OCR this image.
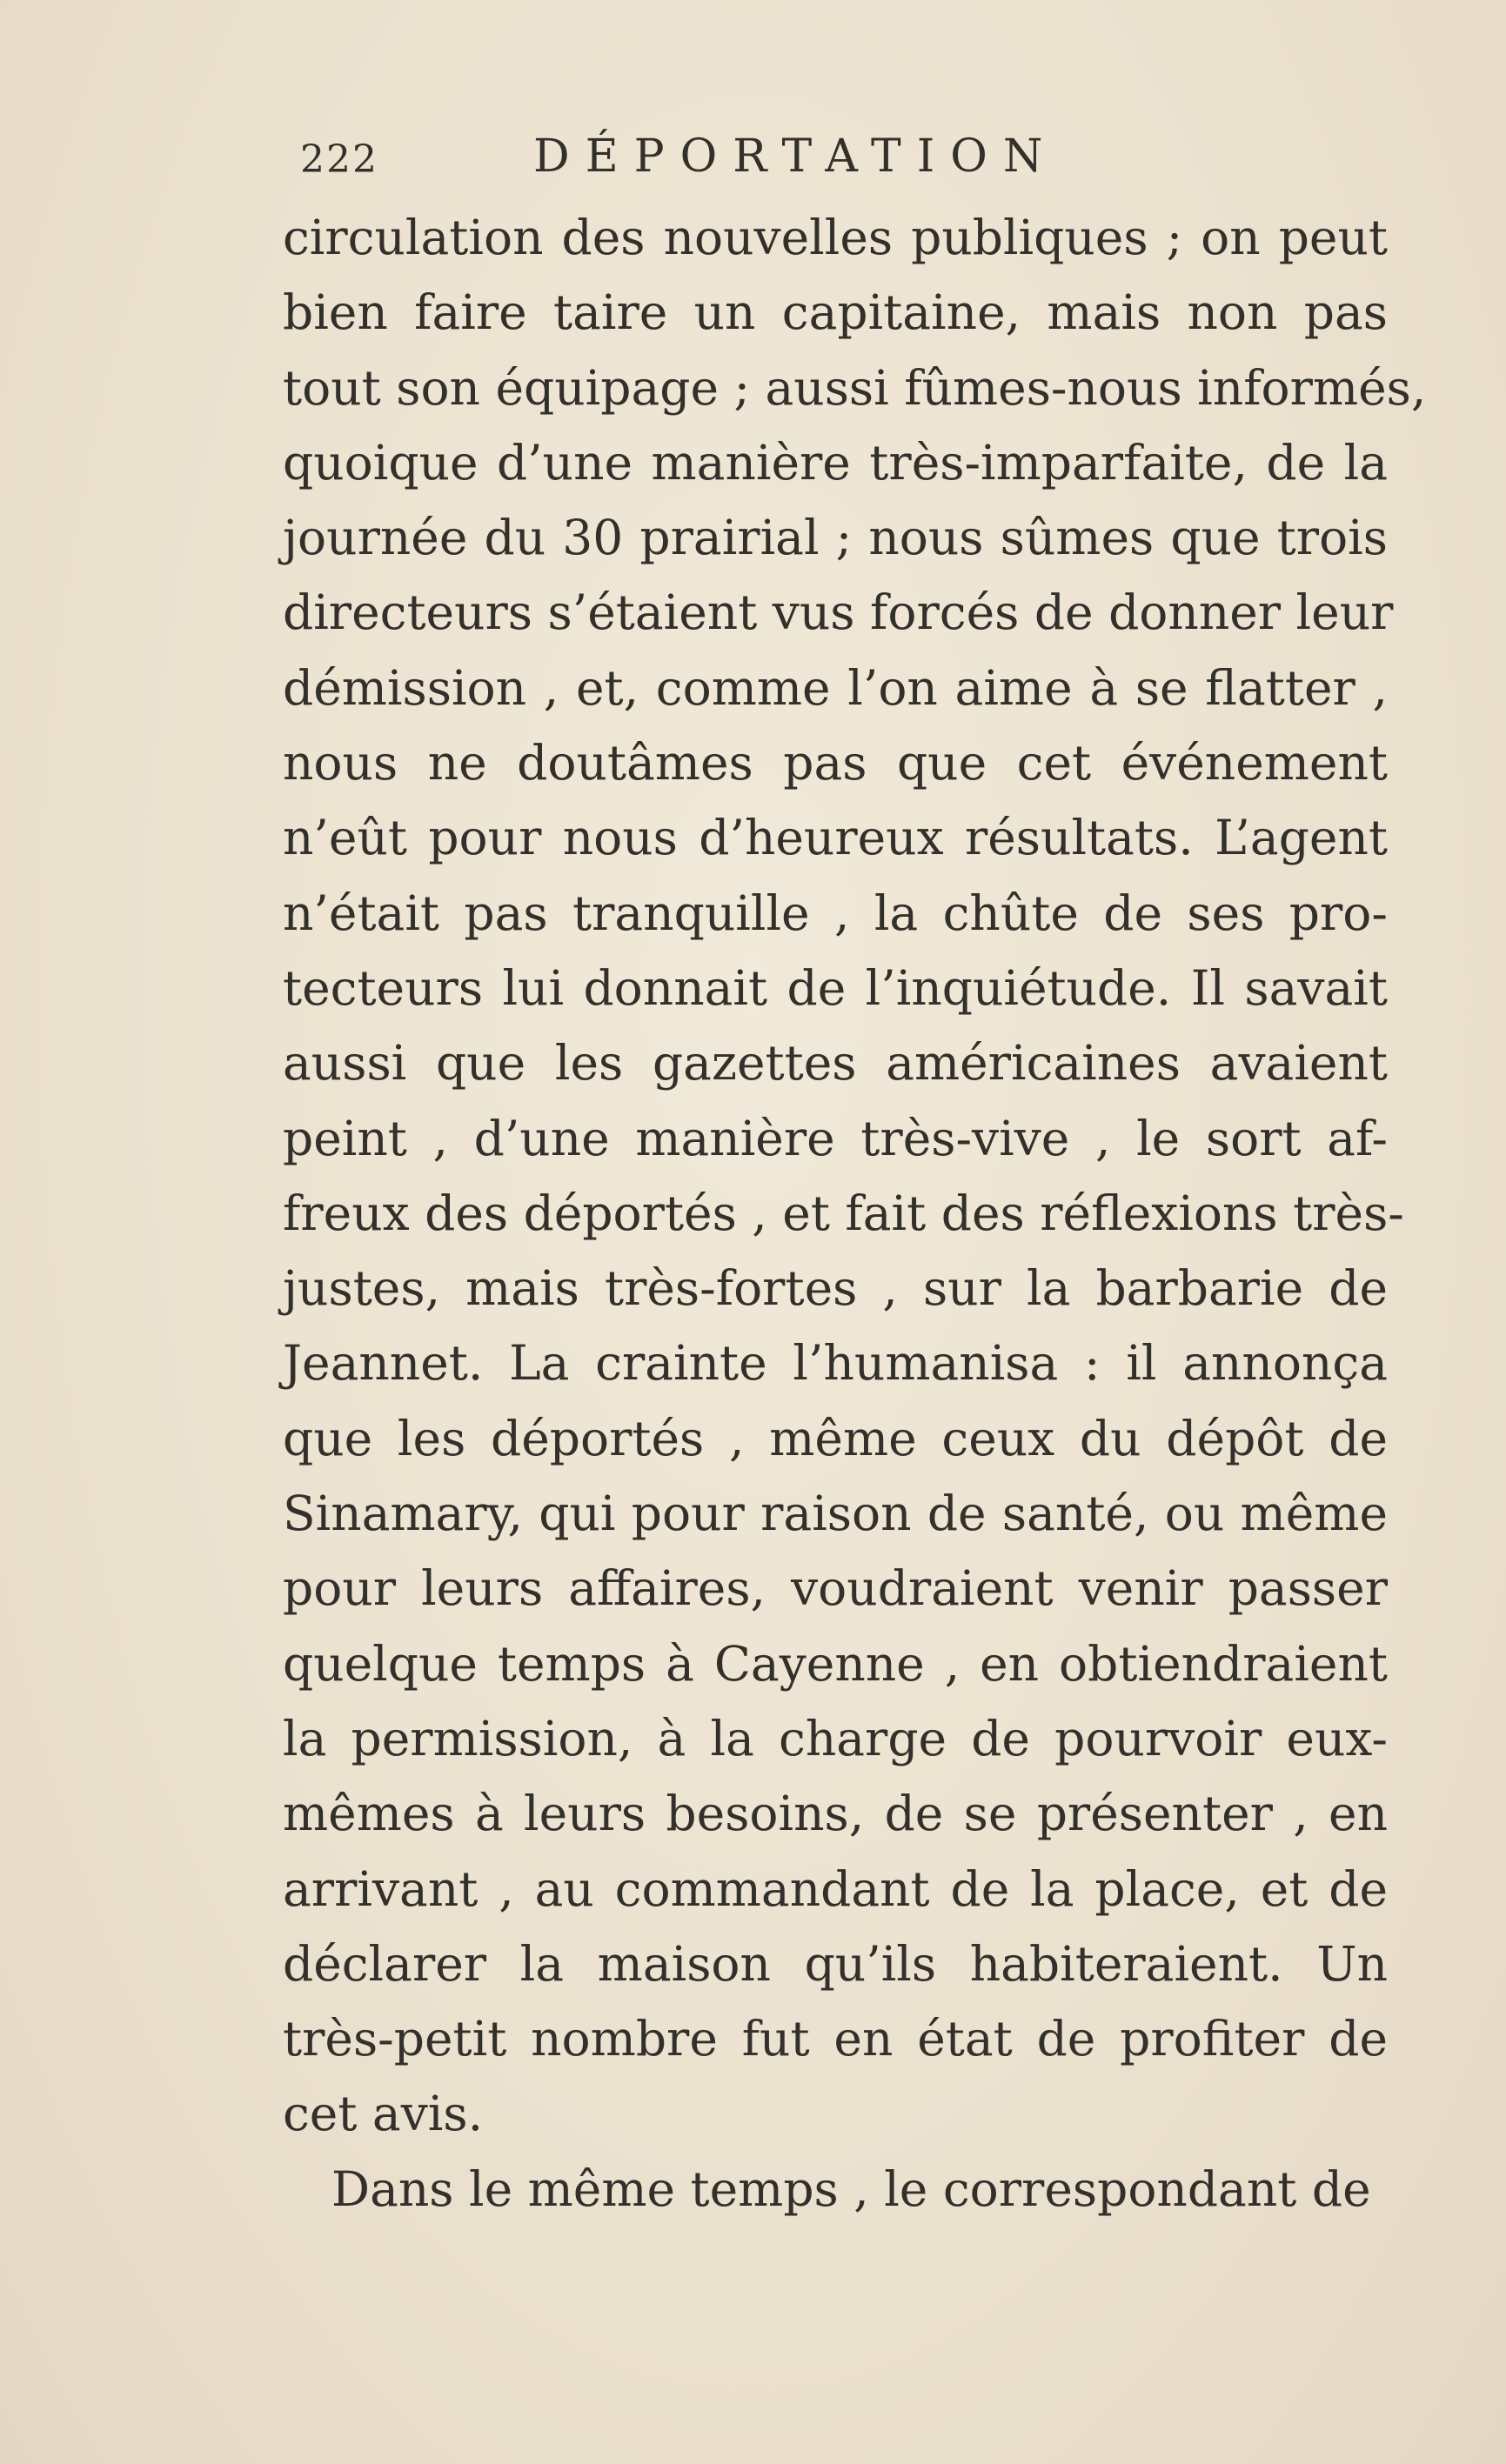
222	DÉPORTATION
circulation des nouvelles publiques ; on peut
bien faire taire un capitaine, mais non pas
tout son équipage ; aussi fûmes-nous informés,
quoique d’une manière très-imparfaite, de la
journée du 30 prairial ; nous sûmes que trois
directeurs s’étaient vus forcés de donner leur
démission , et, comme l’on aime à se flatter ,
nous ne doutâmes pas que cet événement
n’eût pour nous d’heureux résultats. L’agent
n’était pas tranquille , la chûte de ses pro-
tecteurs lui donnait de l’inquiétude. Il savait
aussi que les gazettes américaines avaient
peint , d’une manière très-vive , le sort af-
freux des déportés , et fait des réflexions très-
justes, mais très-fortes , sur la barbarie de
Jeannet. La crainte l’humanisa : il annonça
que les déportés , même ceux du dépôt de
Sinamary, qui pour raison de santé, ou même
pour leurs affaires, voudraient venir passer
quelque temps à Cayenne , en obtiendraient
la permission, à la charge de pourvoir eux-
mêmes à leurs besoins, de se présenter , en
arrivant , au commandant de la place, et de
déclarer la maison qu’ils habiteraient. Un
très-petit nombre fut en état de profiter de
cet avis.
Dans le même temps , le correspondant de
